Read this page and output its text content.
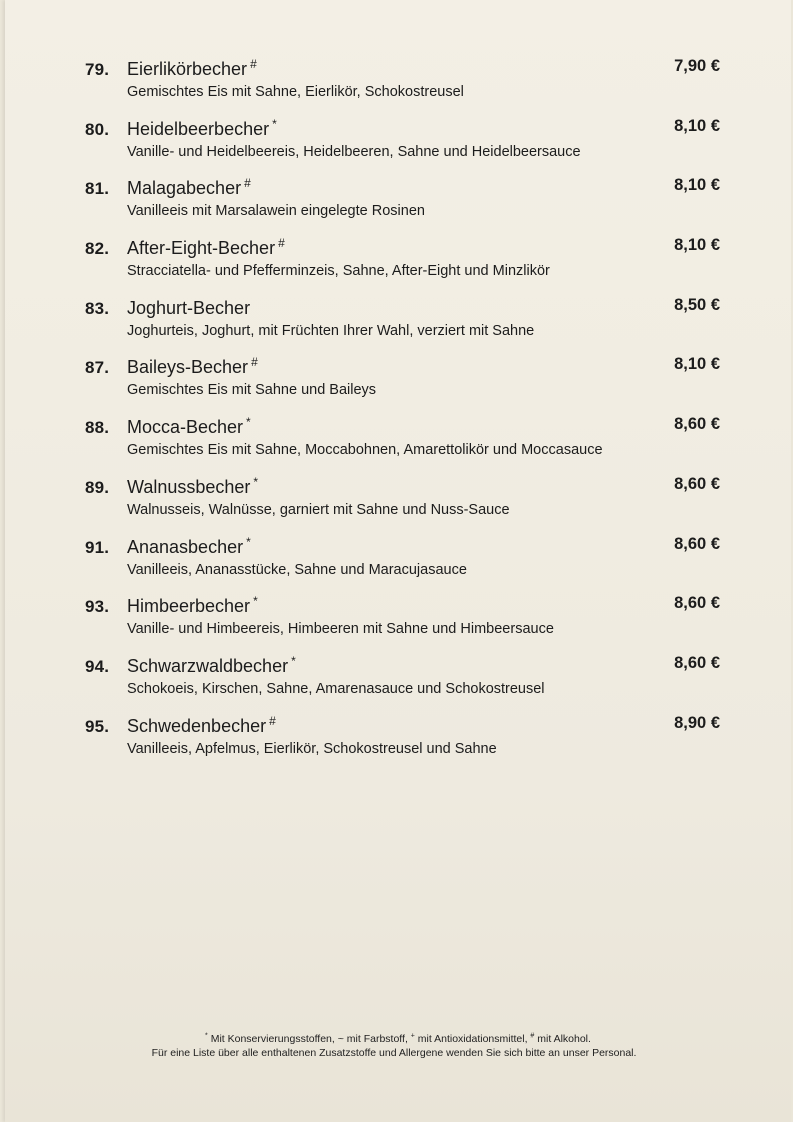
79. Eierlikörbecher #
Gemischtes Eis mit Sahne, Eierlikör, Schokostreusel
7,90 €
80. Heidelbeerbecher *
Vanille- und Heidelbeereis, Heidelbeeren, Sahne und Heidelbeersauce
8,10 €
81. Malagabecher #
Vanilleeis mit Marsalawein eingelegte Rosinen
8,10 €
82. After-Eight-Becher #
Stracciatella- und Pfefferminzeis, Sahne, After-Eight und Minzlikör
8,10 €
83. Joghurt-Becher
Joghurteis, Joghurt, mit Früchten Ihrer Wahl, verziert mit Sahne
8,50 €
87. Baileys-Becher #
Gemischtes Eis mit Sahne und Baileys
8,10 €
88. Mocca-Becher *
Gemischtes Eis mit Sahne, Moccabohnen, Amarettolikör und Moccasauce
8,60 €
89. Walnussbecher *
Walnusseis, Walnüsse, garniert mit Sahne und Nuss-Sauce
8,60 €
91. Ananasbecher *
Vanilleeis, Ananasstücke, Sahne und Maracujasauce
8,60 €
93. Himbeerbecher *
Vanille- und Himbeereis, Himbeeren mit Sahne und Himbeersauce
8,60 €
94. Schwarzwaldbecher *
Schokoeis, Kirschen, Sahne, Amarenasauce und Schokostreusel
8,60 €
95. Schwedenbecher #
Vanilleeis, Apfelmus, Eierlikör, Schokostreusel und Sahne
8,90 €
* Mit Konservierungsstoffen, ~ mit Farbstoff, + mit Antioxidationsmittel, # mit Alkohol.
Für eine Liste über alle enthaltenen Zusatzstoffe und Allergene wenden Sie sich bitte an unser Personal.
